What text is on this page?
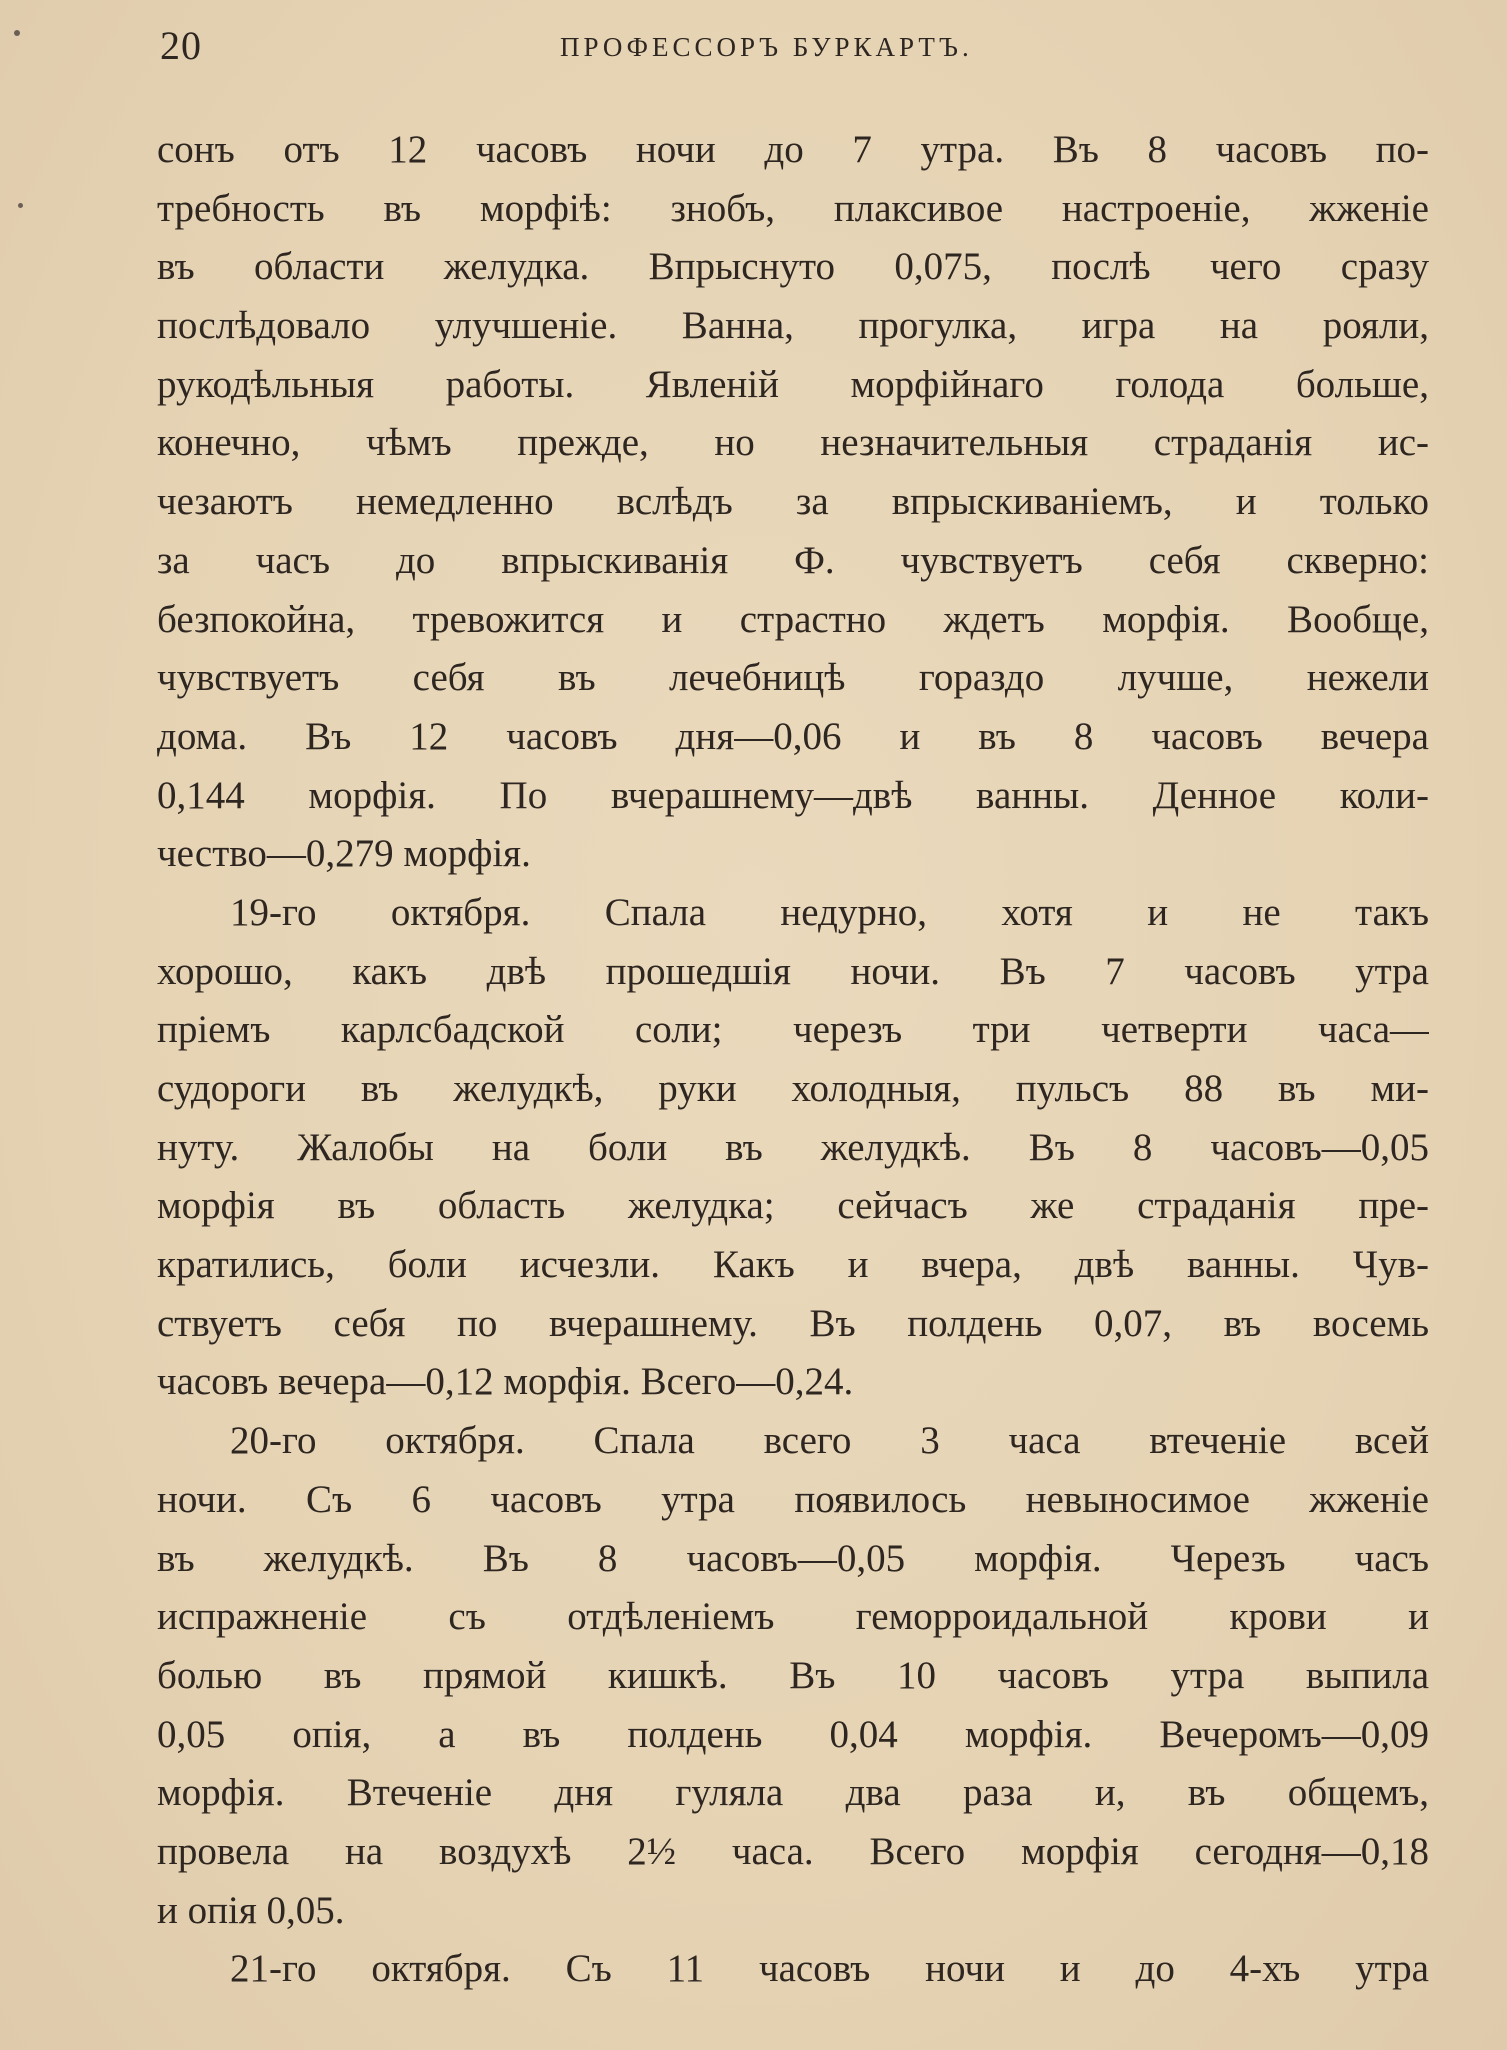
20	ПРОФЕССОРЪ БУРКАРТЪ.
сонъ отъ 12 часовъ ночи до 7 утра. Въ 8 часовъ по-
требность въ морфіѣ: знобъ, плаксивое настроеніе, жженіе
въ области желудка. Впрыснуто 0,075, послѣ чего сразу
послѣдовало улучшеніе. Ванна, прогулка, игра на рояли,
рукодѣльныя работы. Явленій морфійнаго голода больше,
конечно, чѣмъ прежде, но незначительныя страданія ис-
чезаютъ немедленно вслѣдъ за впрыскиваніемъ, и только
за часъ до впрыскиванія Ф. чувствуетъ себя скверно:
безпокойна, тревожится и страстно ждетъ морфія. Вообще,
чувствуетъ себя въ лечебницѣ гораздо лучше, нежели
дома. Въ 12 часовъ дня—0,06 и въ 8 часовъ вечера
0,144 морфія. По вчерашнему—двѣ ванны. Денное коли-
чество—0,279 морфія.
19-го октября. Спала недурно, хотя и не такъ
хорошо, какъ двѣ прошедшія ночи. Въ 7 часовъ утра
пріемъ карлсбадской соли; черезъ три четверти часа—
судороги въ желудкѣ, руки холодныя, пульсъ 88 въ ми-
нуту. Жалобы на боли въ желудкѣ. Въ 8 часовъ—0,05
морфія въ область желудка; сейчасъ же страданія пре-
кратились, боли исчезли. Какъ и вчера, двѣ ванны. Чув-
ствуетъ себя по вчерашнему. Въ полдень 0,07, въ восемь
часовъ вечера—0,12 морфія. Всего—0,24.
20-го октября. Спала всего 3 часа втеченіе всей
ночи. Съ 6 часовъ утра появилось невыносимое жженіе
въ желудкѣ. Въ 8 часовъ—0,05 морфія. Черезъ часъ
испражненіе съ отдѣленіемъ геморроидальной крови и
болью въ прямой кишкѣ. Въ 10 часовъ утра выпила
0,05 опія, а въ полдень 0,04 морфія. Вечеромъ—0,09
морфія. Втеченіе дня гуляла два раза и, въ общемъ,
провела на воздухѣ 2½ часа. Всего морфія сегодня—0,18
и опія 0,05.
21-го октября. Съ 11 часовъ ночи и до 4-хъ утра
